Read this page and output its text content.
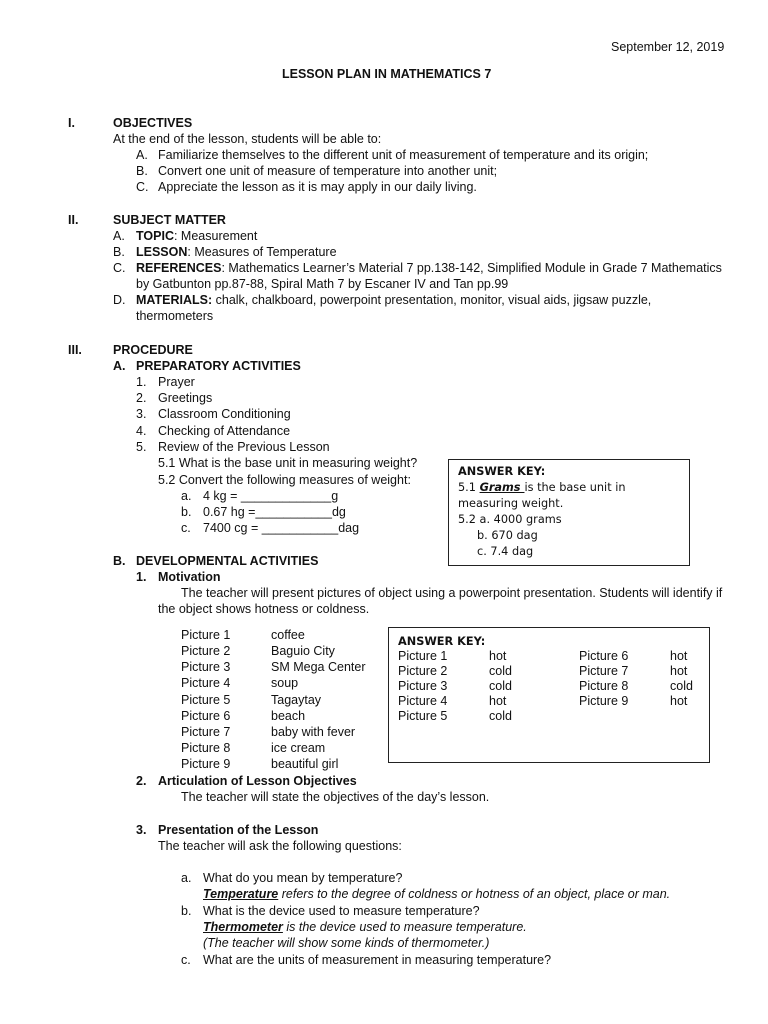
September 12, 2019
LESSON PLAN IN MATHEMATICS 7
I.	OBJECTIVES
At the end of the lesson, students will be able to:
A. Familiarize themselves to the different unit of measurement of temperature and its origin;
B. Convert one unit of measure of temperature into another unit;
C. Appreciate the lesson as it is may apply in our daily living.
II.	SUBJECT MATTER
A. TOPIC: Measurement
B. LESSON: Measures of Temperature
C. REFERENCES: Mathematics Learner’s Material 7 pp.138-142, Simplified Module in Grade 7 Mathematics
by Gatbunton pp.87-88, Spiral Math 7 by Escaner IV and Tan pp.99
D. MATERIALS: chalk, chalkboard, powerpoint presentation, monitor, visual aids, jigsaw puzzle,
thermometers
III. PROCEDURE
A. PREPARATORY ACTIVITIES
1. Prayer
2. Greetings
3. Classroom Conditioning
4. Checking of Attendance
5. Review of the Previous Lesson
5.1 What is the base unit in measuring weight?
5.2 Convert the following measures of weight:
a. 4 kg = _____________g
b. 0.67 hg =___________dg
c. 7400 cg = ___________dag
ANSWER KEY:
5.1 Grams is the base unit in
measuring weight.
5.2 a. 4000 grams
b. 670 dag
c. 7.4 dag
B. DEVELOPMENTAL ACTIVITIES
1. Motivation
The teacher will present pictures of object using a powerpoint presentation. Students will identify if
the object shows hotness or coldness.
Picture 1	coffee
Picture 2	Baguio City
Picture 3	SM Mega Center
Picture 4	soup
Picture 5	Tagaytay
Picture 6	beach
Picture 7	baby with fever
Picture 8	ice cream
Picture 9	beautiful girl
ANSWER KEY:
Picture 1	hot
Picture 2	cold
Picture 3	cold
Picture 4	hot
Picture 5	cold
Picture 6	hot
Picture 7	hot
Picture 8	cold
Picture 9	hot
2. Articulation of Lesson Objectives
The teacher will state the objectives of the day’s lesson.
3. Presentation of the Lesson
The teacher will ask the following questions:
a. What do you mean by temperature?
Temperature refers to the degree of coldness or hotness of an object, place or man.
b. What is the device used to measure temperature?
Thermometer is the device used to measure temperature.
(The teacher will show some kinds of thermometer.)
c. What are the units of measurement in measuring temperature?
